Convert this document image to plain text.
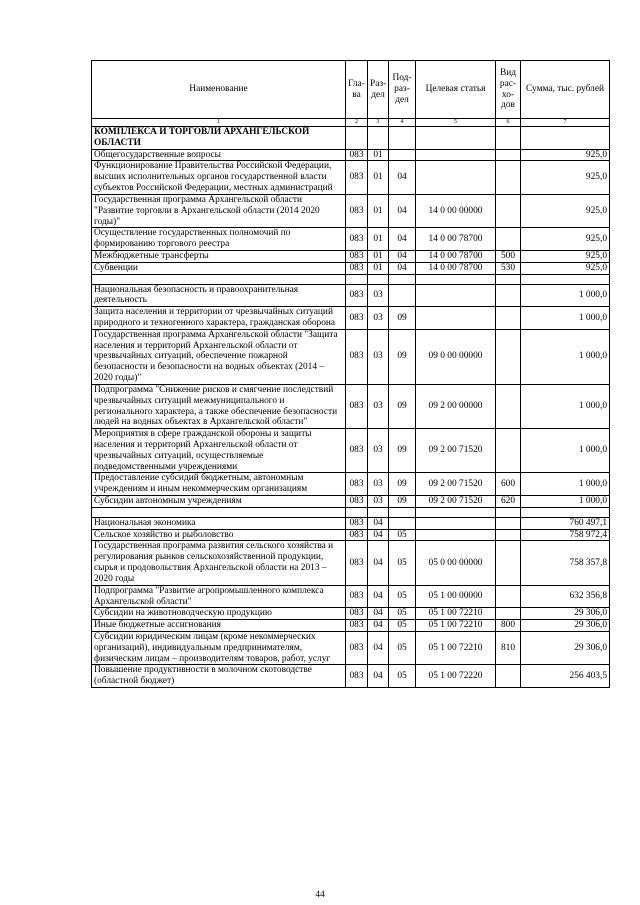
Наименование	Гла-ва	Раз-дел	Под-раз-дел	Целевая статья	Вид рас-хо-дов	Сумма, тыс. рублей
1	2	3	4	5	6	7
КОМПЛЕКСА И ТОРГОВЛИ АРХАНГЕЛЬСКОЙ ОБЛАСТИ						
Общегосударственные вопросы	083	01				925,0
Функционирование Правительства Российской Федерации, высших исполнительных органов государственной власти субъектов Российской Федерации, местных администраций	083	01	04			925,0
Государственная программа Архангельской области "Развитие торговли в Архангельской области (2014 2020 годы)"	083	01	04	14 0 00 00000		925,0
Осуществление государственных полномочий по формированию торгового реестра	083	01	04	14 0 00 78700		925,0
Межбюджетные трансферты	083	01	04	14 0 00 78700	500	925,0
Субвенции	083	01	04	14 0 00 78700	530	925,0

Национальная безопасность и правоохранительная деятельность	083	03				1 000,0
Защита населения и территории от чрезвычайных ситуаций природного и техногенного характера, гражданская оборона	083	03	09			1 000,0
Государственная программа Архангельской области "Защита населения и территорий Архангельской области от чрезвычайных ситуаций, обеспечение пожарной безопасности и безопасности на водных объектах (2014 – 2020 годы)"	083	03	09	09 0 00 00000		1 000,0
Подпрограмма "Снижение рисков и смягчение последствий чрезвычайных ситуаций межмуниципального и регионального характера, а также обеспечение безопасности людей на водных объектах в Архангельской области"	083	03	09	09 2 00 00000		1 000,0
Мероприятия в сфере гражданской обороны и защиты населения и территорий Архангельской области от чрезвычайных ситуаций, осуществляемые подведомственными учреждениями	083	03	09	09 2 00 71520		1 000,0
Предоставление субсидий бюджетным, автономным учреждениям и иным некоммерческим организациям	083	03	09	09 2 00 71520	600	1 000,0
Субсидии автономным учреждениям	083	03	09	09 2 00 71520	620	1 000,0

Национальная экономика	083	04				760 497,1
Сельское хозяйство и рыболовство	083	04	05			758 972,4
Государственная программа развития сельского хозяйства и регулирования рынков сельскохозяйственной продукции, сырья и продовольствия Архангельской области на 2013 – 2020 годы	083	04	05	05 0 00 00000		758 357,8
Подпрограмма "Развитие агропромышленного комплекса Архангельской области"	083	04	05	05 1 00 00000		632 356,8
Субсидии на животноводческую продукцию	083	04	05	05 1 00 72210		29 306,0
Иные бюджетные ассигнования	083	04	05	05 1 00 72210	800	29 306,0
Субсидии юридическим лицам (кроме некоммерческих организаций), индивидуальным предпринимателям, физическим лицам – производителям товаров, работ, услуг	083	04	05	05 1 00 72210	810	29 306,0
Повышение продуктивности в молочном скотоводстве (областной бюджет)	083	04	05	05 1 00 72220		256 403,5
44
